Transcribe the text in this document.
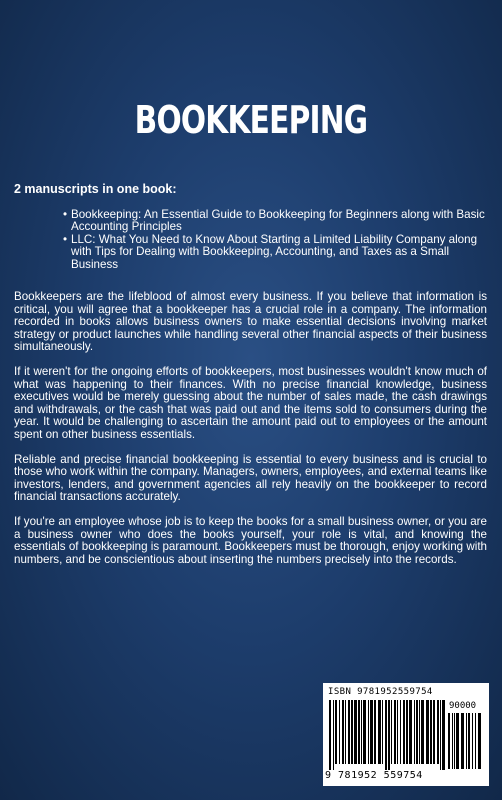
BOOKKEEPING
2 manuscripts in one book:
• Bookkeeping: An Essential Guide to Bookkeeping for Beginners along with Basic Accounting Principles
• LLC: What You Need to Know About Starting a Limited Liability Company along with Tips for Dealing with Bookkeeping, Accounting, and Taxes as a Small Business

Bookkeepers are the lifeblood of almost every business. If you believe that information is critical, you will agree that a bookkeeper has a crucial role in a company. The information recorded in books allows business owners to make essential decisions involving market strategy or product launches while handling several other financial aspects of their business simultaneously.

If it weren't for the ongoing efforts of bookkeepers, most businesses wouldn't know much of what was happening to their finances. With no precise financial knowledge, business executives would be merely guessing about the number of sales made, the cash drawings and withdrawals, or the cash that was paid out and the items sold to consumers during the year. It would be challenging to ascertain the amount paid out to employees or the amount spent on other business essentials.

Reliable and precise financial bookkeeping is essential to every business and is crucial to those who work within the company. Managers, owners, employees, and external teams like investors, lenders, and government agencies all rely heavily on the bookkeeper to record financial transactions accurately.

If you're an employee whose job is to keep the books for a small business owner, or you are a business owner who does the books yourself, your role is vital, and knowing the essentials of bookkeeping is paramount. Bookkeepers must be thorough, enjoy working with numbers, and be conscientious about inserting the numbers precisely into the records.

ISBN 9781952559754
90000
9 781952 559754
